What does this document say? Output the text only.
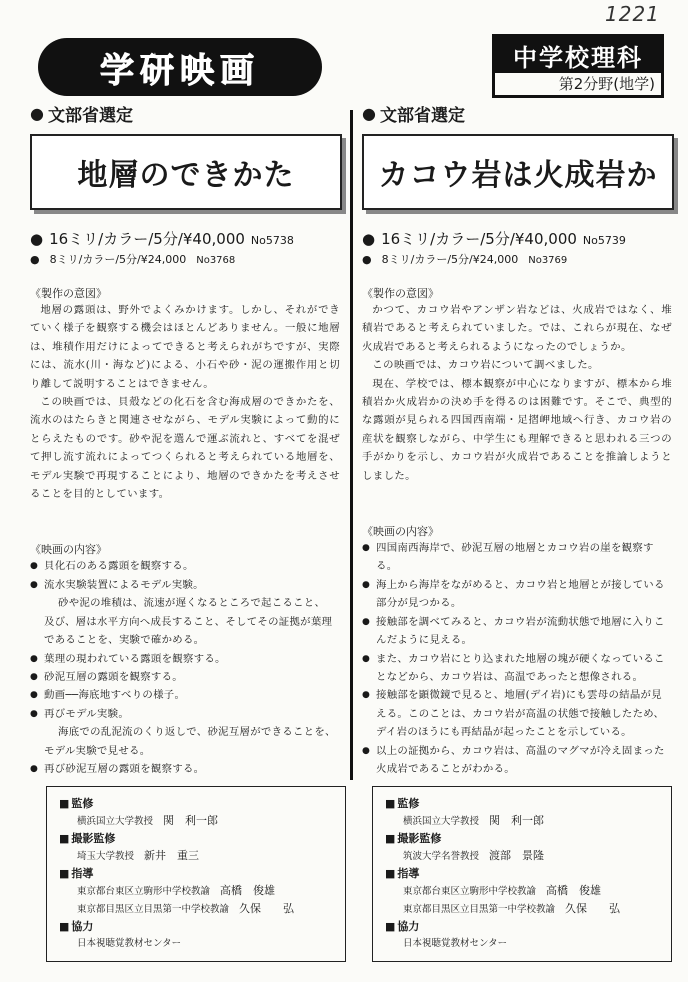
1221
学研映画	中学校理科
第2分野(地学)
● 文部省選定
地層のできかた
● 16ミリ/カラー/5分/¥40,000 No5738
● 8ミリ/カラー/5分/¥24,000 No3768
《製作の意図》

地層の露頭は、野外でよくみかけます。しかし、それができていく様子を観察する機会はほとんどありません。一般に地層は、堆積作用だけによってできると考えられがちですが、実際には、流水(川・海など)による、小石や砂・泥の運搬作用と切り離して説明することはできません。

この映画では、貝殻などの化石を含む海成層のできかたを、流水のはたらきと関連させながら、モデル実験によって動的にとらえたものです。砂や泥を選んで運ぶ流れと、すべてを混ぜて押し流す流れによってつくられると考えられている地層を、モデル実験で再現することにより、地層のできかたを考えさせることを目的としています。

《映画の内容》
● 貝化石のある露頭を観察する。
● 流水実験装置によるモデル実験。
砂や泥の堆積は、流速が遅くなるところで起こること、
及び、層は水平方向へ成長すること、そしてその証拠が葉理であることを、実験で確かめる。
● 葉理の現われている露頭を観察する。
● 砂泥互層の露頭を観察する。
● 動画──海底地すべりの様子。
● 再びモデル実験。
海底での乱泥流のくり返しで、砂泥互層ができることを、
モデル実験で見せる。
● 再び砂泥互層の露頭を観察する。
● 文部省選定
カコウ岩は火成岩か
● 16ミリ/カラー/5分/¥40,000 No5739
● 8ミリ/カラー/5分/¥24,000 No3769
《製作の意図》

かつて、カコウ岩やアンザン岩などは、火成岩ではなく、堆積岩であると考えられていました。では、これらが現在、なぜ火成岩であると考えられるようになったのでしょうか。

この映画では、カコウ岩について調べました。

現在、学校では、標本観察が中心になりますが、標本から堆積岩か火成岩かの決め手を得るのは困難です。そこで、典型的な露頭が見られる四国西南端・足摺岬地域へ行き、カコウ岩の産状を観察しながら、中学生にも理解できると思われる三つの手がかりを示し、カコウ岩が火成岩であることを推論しようとしました。

《映画の内容》
● 四国南西海岸で、砂泥互層の地層とカコウ岩の崖を観察する。
● 海上から海岸をながめると、カコウ岩と地層とが接している部分が見つかる。
● 接触部を調べてみると、カコウ岩が流動状態で地層に入りこんだように見える。
● また、カコウ岩にとり込まれた地層の塊が硬くなっていることなどから、カコウ岩は、高温であったと想像される。
● 接触部を顕微鏡で見ると、地層(デイ岩)にも雲母の結晶が見える。このことは、カコウ岩が高温の状態で接触したため、デイ岩のほうにも再結晶が起ったことを示している。
● 以上の証拠から、カコウ岩は、高温のマグマが冷え固まった火成岩であることがわかる。
■ 監修
横浜国立大学教授 関　利一郎
■ 撮影監修
埼玉大学教授 新井　重三
■ 指導
東京都台東区立駒形中学校教諭 高橋　俊雄
東京都目黒区立目黒第一中学校教諭 久保　　弘
■ 協力
日本視聴覚教材センター
■ 監修
横浜国立大学教授 関　利一郎
■ 撮影監修
筑波大学名誉教授 渡部　景隆
■ 指導
東京都台東区立駒形中学校教諭 高橋　俊雄
東京都目黒区立目黒第一中学校教諭 久保　　弘
■ 協力
日本視聴覚教材センター
